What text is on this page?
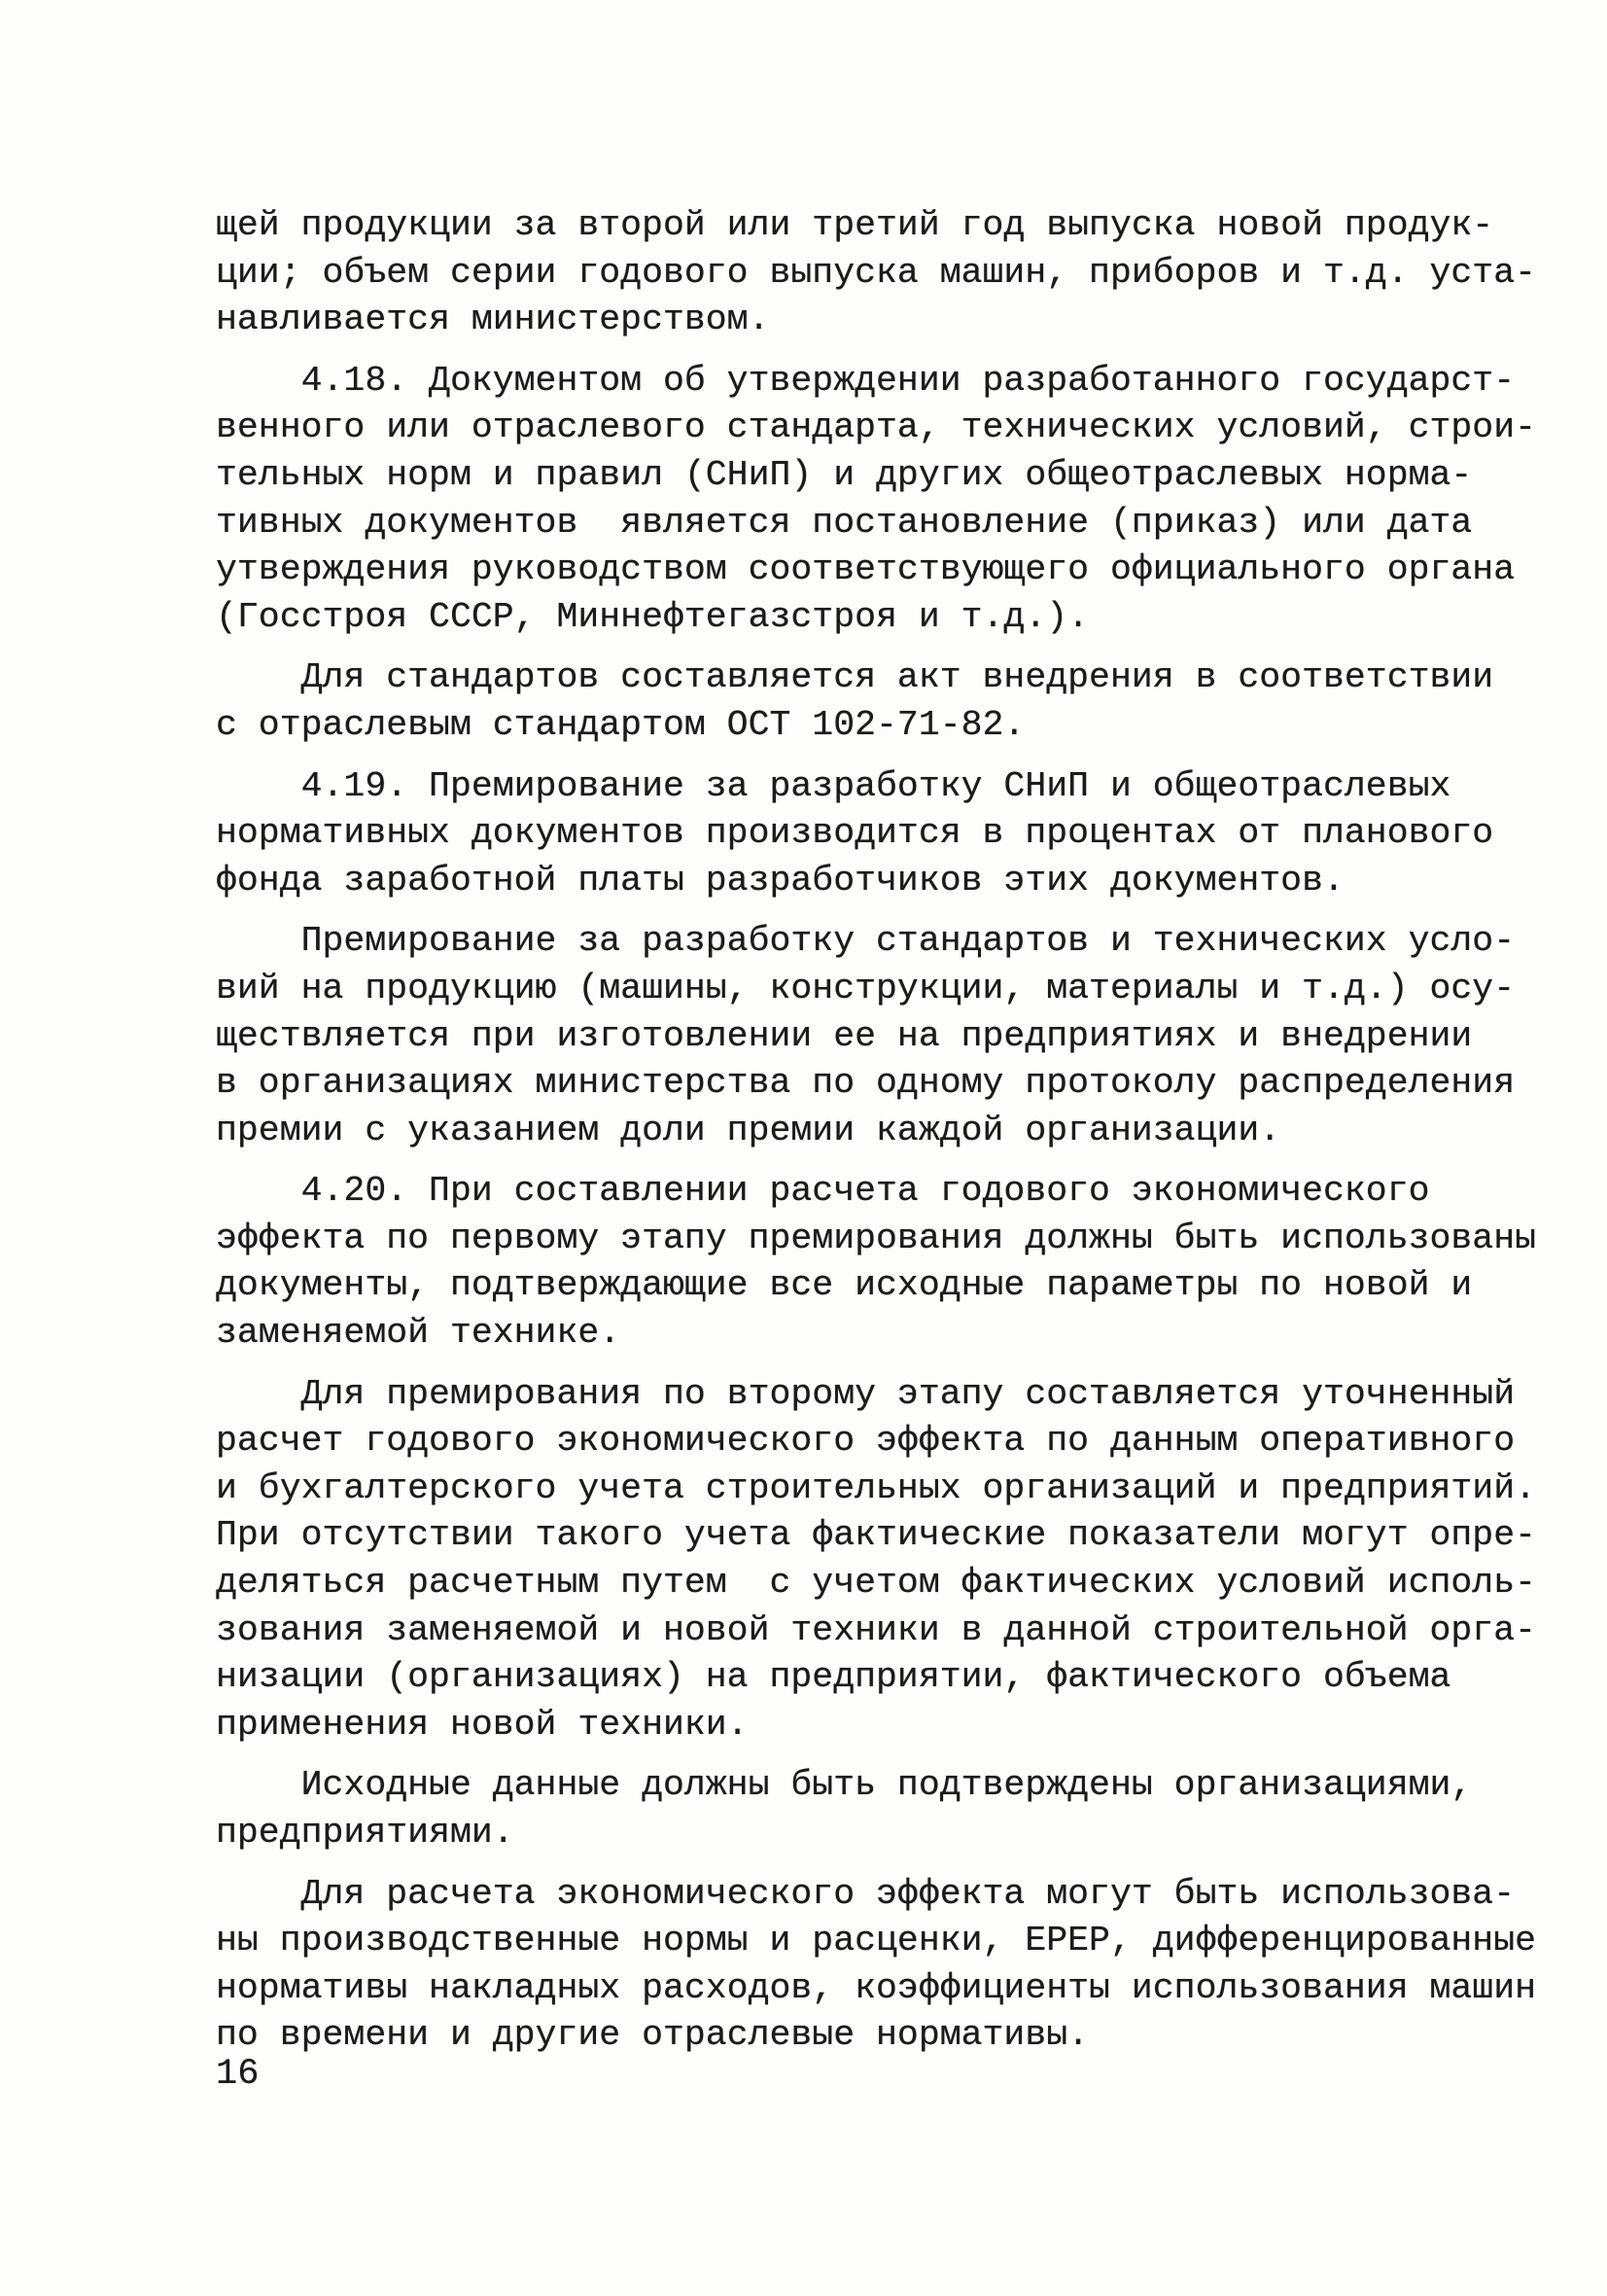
щей продукции за второй или третий год выпуска новой продук-
ции; объем серии годового выпуска машин, приборов и т.д. уста-
навливается министерством.
4.18. Документом об утверждении разработанного государст-
венного или отраслевого стандарта, технических условий, строи-
тельных норм и правил (СНиП) и других общеотраслевых норма-
тивных документов  является постановление (приказ) или дата
утверждения руководством соответствующего официального органа
(Госстроя СССР, Миннефтегазстроя и т.д.).
Для стандартов составляется акт внедрения в соответствии
с отраслевым стандартом ОСТ 102-71-82.
4.19. Премирование за разработку СНиП и общеотраслевых
нормативных документов производится в процентах от планового
фонда заработной платы разработчиков этих документов.
Премирование за разработку стандартов и технических усло-
вий на продукцию (машины, конструкции, материалы и т.д.) осу-
ществляется при изготовлении ее на предприятиях и внедрении
в организациях министерства по одному протоколу распределения
премии с указанием доли премии каждой организации.
4.20. При составлении расчета годового экономического
эффекта по первому этапу премирования должны быть использованы
документы, подтверждающие все исходные параметры по новой и
заменяемой технике.
Для премирования по второму этапу составляется уточненный
расчет годового экономического эффекта по данным оперативного
и бухгалтерского учета строительных организаций и предприятий.
При отсутствии такого учета фактические показатели могут опре-
деляться расчетным путем  с учетом фактических условий исполь-
зования заменяемой и новой техники в данной строительной орга-
низации (организациях) на предприятии, фактического объема
применения новой техники.
Исходные данные должны быть подтверждены организациями,
предприятиями.
Для расчета экономического эффекта могут быть использова-
ны производственные нормы и расценки, ЕРЕР, дифференцированные
нормативы накладных расходов, коэффициенты использования машин
по времени и другие отраслевые нормативы.
16
